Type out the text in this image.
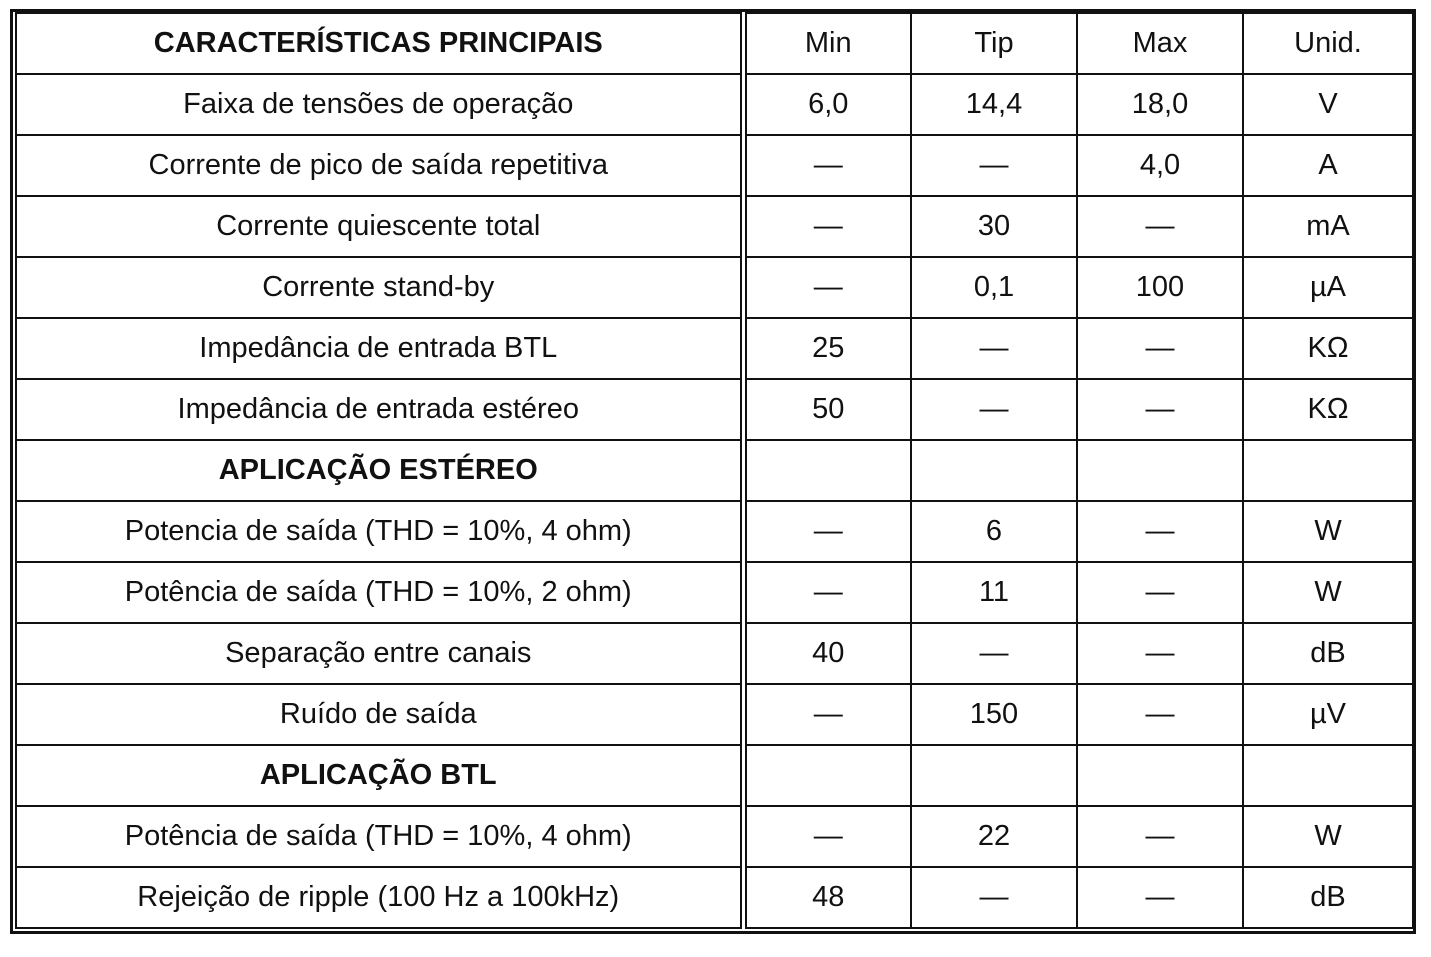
CARACTERÍSTICAS PRINCIPAIS	Min	Tip	Max	Unid.
Faixa de tensões de operação	6,0	14,4	18,0	V
Corrente de pico de saída repetitiva	—	—	4,0	A
Corrente quiescente total	—	30	—	mA
Corrente stand-by	—	0,1	100	µA
Impedância de entrada BTL	25	—	—	KΩ
Impedância de entrada estéreo	50	—	—	KΩ
APLICAÇÃO ESTÉREO				
Potencia de saída (THD = 10%, 4 ohm)	—	6	—	W
Potência de saída (THD = 10%, 2 ohm)	—	11	—	W
Separação entre canais	40	—	—	dB
Ruído de saída	—	150	—	µV
APLICAÇÃO BTL				
Potência de saída (THD = 10%, 4 ohm)	—	22	—	W
Rejeição de ripple (100 Hz a 100kHz)	48	—	—	dB
